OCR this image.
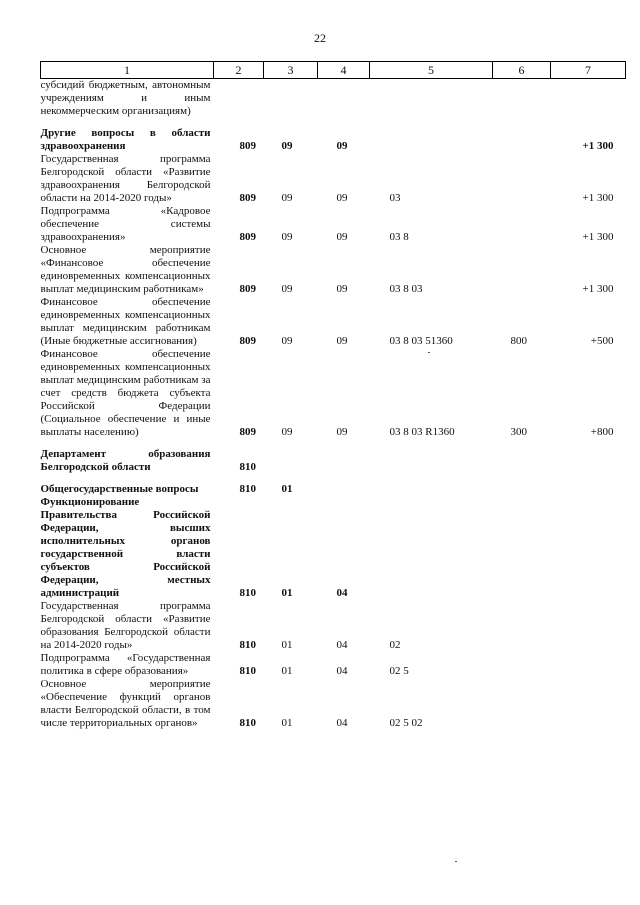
22
1	2	3	4	5	6	7
субсидий бюджетным, автономным учреждениям и иным некоммерческим организациям)						
Другие вопросы в области здравоохранения	809	09	09			+1 300
Государственная программа Белгородской области «Развитие здравоохранения Белгородской области на 2014-2020 годы»	809	09	09	03		+1 300
Подпрограмма «Кадровое обеспечение системы здравоохранения»	809	09	09	03 8		+1 300
Основное мероприятие «Финансовое обеспечение единовременных компенсационных выплат медицинским работникам»	809	09	09	03 8 03		+1 300
Финансовое обеспечение единовременных компенсационных выплат медицинским работникам (Иные бюджетные ассигнования)	809	09	09	03 8 03 51360	800	+500
Финансовое обеспечение единовременных компенсационных выплат медицинским работникам за счет средств бюджета субъекта Российской Федерации (Социальное обеспечение и иные выплаты населению)	809	09	09	03 8 03 R1360	300	+800
Департамент образования Белгородской области	810					
Общегосударственные вопросы	810	01				
Функционирование Правительства Российской Федерации, высших исполнительных органов государственной власти субъектов Российской Федерации, местных администраций	810	01	04			
Государственная программа Белгородской области «Развитие образования Белгородской области на 2014-2020 годы»	810	01	04	02		
Подпрограмма «Государственная политика в сфере образования»	810	01	04	02 5		
Основное мероприятие «Обеспечение функций органов власти Белгородской области, в том числе территориальных органов»	810	01	04	02 5 02		
